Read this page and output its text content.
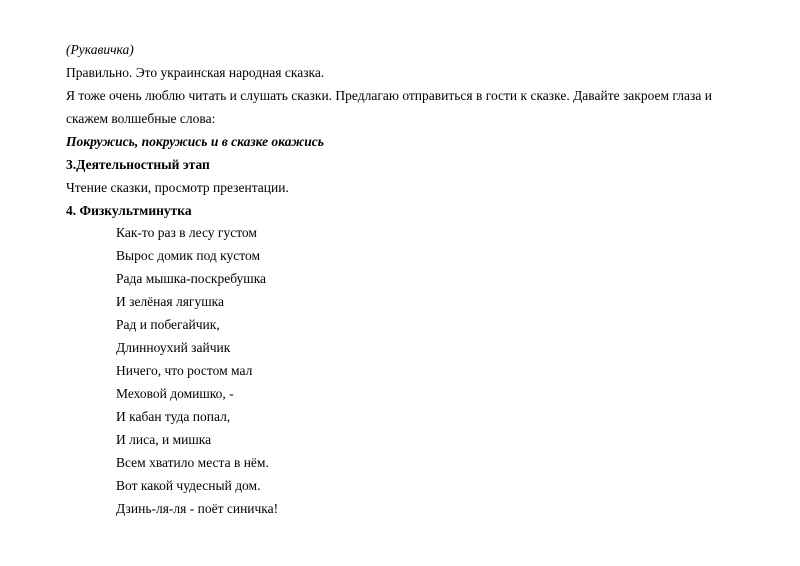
(Рукавичка)
Правильно. Это украинская народная сказка.
Я тоже очень люблю читать и слушать сказки. Предлагаю отправиться в гости к сказке. Давайте закроем глаза и
скажем волшебные слова:
Покружись, покружись и в сказке окажись
3.Деятельностный этап
Чтение сказки, просмотр презентации.
4. Физкультминутка
Как-то раз в лесу густом
Вырос домик под кустом
Рада мышка-поскребушка
И зелёная лягушка
Рад и побегайчик,
Длинноухий зайчик
Ничего, что ростом мал
Меховой домишко, -
И кабан туда попал,
И лиса, и мишка
Всем хватило места в нём.
Вот какой чудесный дом.
Дзинь-ля-ля - поёт синичка!
